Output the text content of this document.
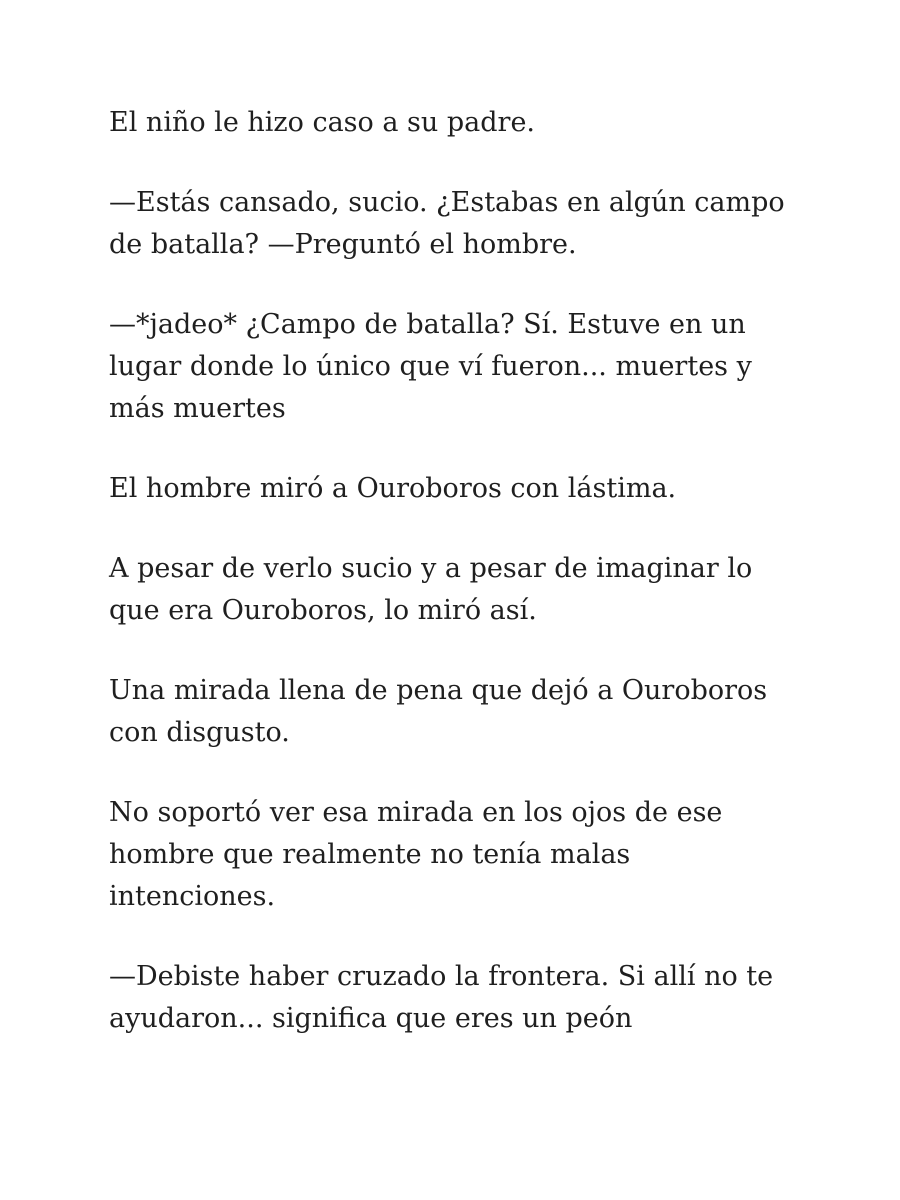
El niño le hizo caso a su padre.

—Estás cansado, sucio. ¿Estabas en algún campo
de batalla? —Preguntó el hombre.

—*jadeo* ¿Campo de batalla? Sí. Estuve en un
lugar donde lo único que ví fueron... muertes y
más muertes

El hombre miró a Ouroboros con lástima.

A pesar de verlo sucio y a pesar de imaginar lo
que era Ouroboros, lo miró así.

Una mirada llena de pena que dejó a Ouroboros
con disgusto.

No soportó ver esa mirada en los ojos de ese
hombre que realmente no tenía malas
intenciones.

—Debiste haber cruzado la frontera. Si allí no te
ayudaron... significa que eres un peón
